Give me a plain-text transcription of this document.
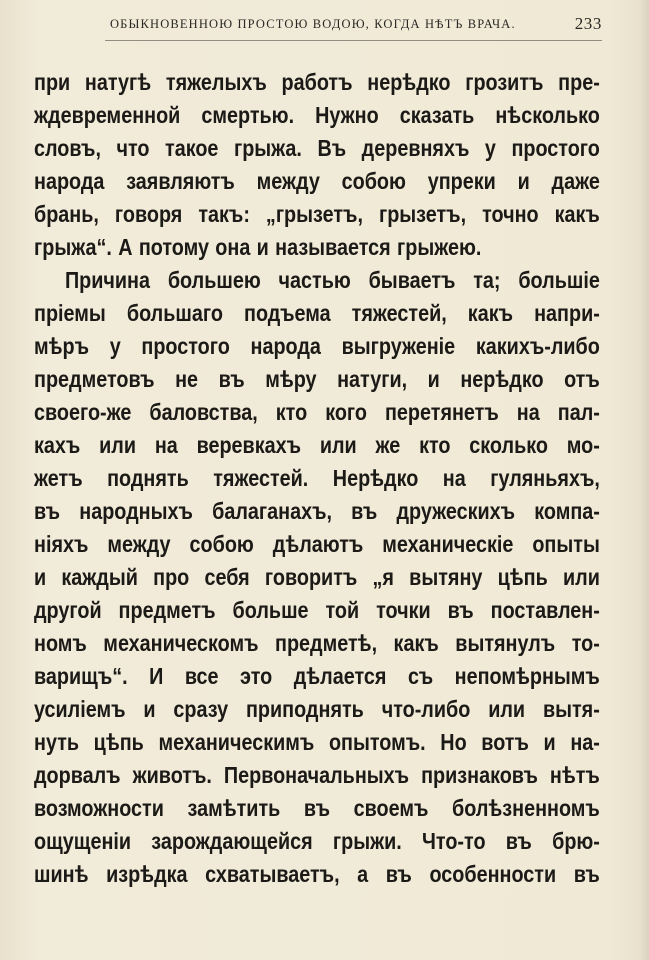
ОБЫКНОВЕННОЮ ПРОСТОЮ ВОДОЮ, КОГДА НѢТЪ ВРАЧА.	233
при натугѣ тяжелыхъ работъ нерѣдко грозитъ пре-
ждевременной смертью. Нужно сказать нѣсколько
словъ, что такое грыжа. Въ деревняхъ у простого
народа заявляютъ между собою упреки и даже
брань, говоря такъ: „грызетъ, грызетъ, точно какъ
грыжа“. А потому она и называется грыжею.
Причина большею частью бываетъ та; большіе
пріемы большаго подъема тяжестей, какъ напри-
мѣръ у простого народа выгруженіе какихъ-либо
предметовъ не въ мѣру натуги, и нерѣдко отъ
своего-же баловства, кто кого перетянетъ на пал-
кахъ или на веревкахъ или же кто сколько мо-
жетъ поднять тяжестей. Нерѣдко на гуляньяхъ,
въ народныхъ балаганахъ, въ дружескихъ компа-
ніяхъ между собою дѣлаютъ механическіе опыты
и каждый про себя говоритъ „я вытяну цѣпь или
другой предметъ больше той точки въ поставлен-
номъ механическомъ предметѣ, какъ вытянулъ то-
варищъ“. И все это дѣлается съ непомѣрнымъ
усиліемъ и сразу приподнять что-либо или вытя-
нуть цѣпь механическимъ опытомъ. Но вотъ и на-
дорвалъ животъ. Первоначальныхъ признаковъ нѣтъ
возможности замѣтить въ своемъ болѣзненномъ
ощущеніи зарождающейся грыжи. Что-то въ брю-
шинѣ изрѣдка схватываетъ, а въ особенности въ
